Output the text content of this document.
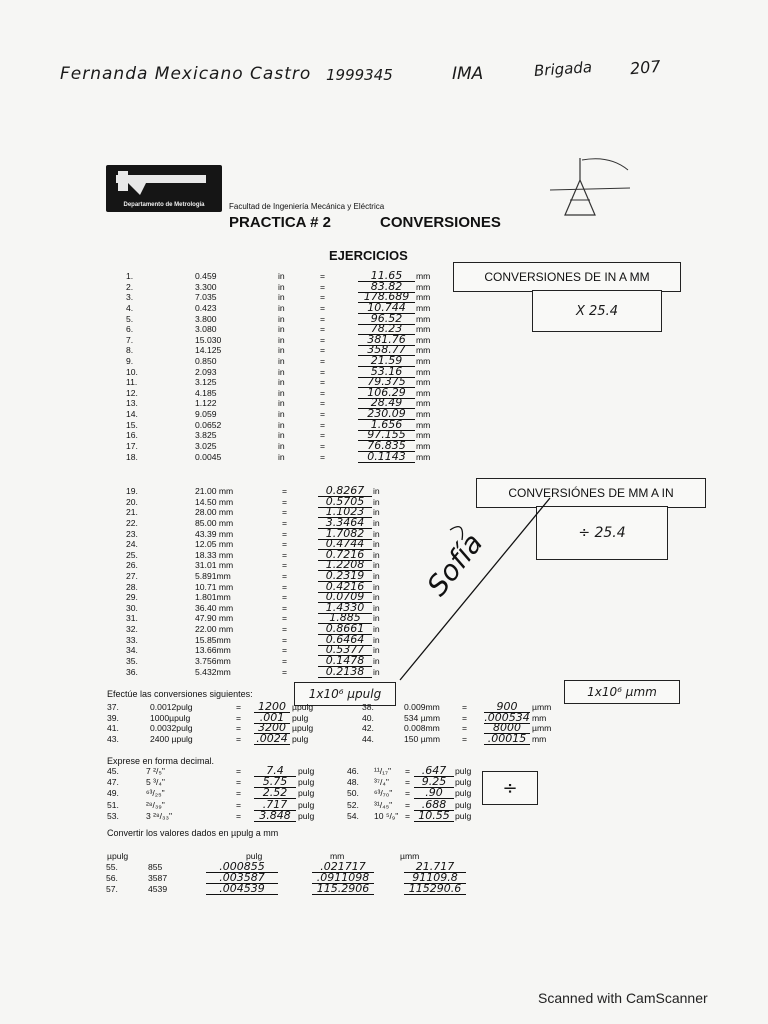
Fernanda Mexicano Castro 1999345	IMA	Brigada 207
Departamento de Metrología	Facultad de Ingeniería Mecánica y Eléctrica
PRACTICA # 2	CONVERSIONES
EJERCICIOS
1.	0.459	in	=	11.65	mm
2.	3.300	in	=	83.82	mm
3.	7.035	in	=	178.689 mm
4.	0.423	in	=	10.744	mm
5.	3.800	in	=	96.52	mm
6.	3.080	in	=	78.23	mm
7.	15.030	in	=	381.76	mm
8.	14.125	in	=	358.77	mm
9.	0.850	in	=	21.59	mm
10.	2.093	in	=	53.16	mm
11.	3.125	in	=	79.375	mm
12.	4.185	in	=	106.29	mm
13.	1.122	in	=	28.49	mm
14.	9.059	in	=	230.09	mm
15.	0.0652	in	=	1.656	mm
16.	3.825	in	=	97.155	mm
17.	3.025	in	=	76.835	mm
18.	0.0045	in	=	0.1143	mm
CONVERSIONES DE IN A MM
X 25.4
19.	21.00 mm	=	0.8267	in
20.	14.50 mm	=	0.5705	in
21.	28.00 mm	=	1.1023	in
22.	85.00 mm	=	3.3464	in
23.	43.39 mm	=	1.7082	in
24.	12.05 mm	=	0.4744	in
25.	18.33 mm	=	0.7216	in
26.	31.01 mm	=	1.2208	in
27.	5.891mm	=	0.2319	in
28.	10.71 mm	=	0.4216	in
29.	1.801mm	=	0.0709	in
30.	36.40 mm	=	1.4330	in
31.	47.90 mm	=	1.885	in
32.	22.00 mm	=	0.8661	in
33.	15.85mm	=	0.6464	in
34.	13.66mm	=	0.5377	in
35.	3.756mm	=	0.1478	in
36.	5.432mm	=	0.2138	in
CONVERSIÓNES DE MM A IN
÷ 25.4
Sofía
Efectúe las conversiones siguientes:	1x10⁶ µpulg	1x10⁶ µmm
37.	0.0012pulg	=	1200 µpulg	38.	0.009mm	=	900	µmm
39.	1000µpulg	=	.001 pulg	40.	534 µmm	= .000534 mm
41.	0.0032pulg	=	3200 µpulg	42.	0.008mm	=	8000	µmm
43.	2400 µpulg	= .0024 pulg	44.	150 µmm	=	.00015 mm
Exprese en forma decimal.
÷
45.	7 ²/₅"	=	7.4	pulg	46. ¹¹/₁₇" =	.647	pulg
47.	5 ³/₄"	=	5.75	pulg	48. ³⁷/₄" =	9.25	pulg
49.	⁶³/₂₅"	=	2.52	pulg	50. ⁶³/₇₀" =	.90	pulg
51.	²⁸/₃₉"	=	.717	pulg	52. ³¹/₄₅" =	.688	pulg
53.	3 ²⁸/₃₃"	=	3.848 pulg	54. 10 ⁵/₉" = 10.55 pulg
Convertir los valores dados en µpulg a mm
µpulg	pulg	mm	µmm
55.	855	.000855	.021717	21.717
56.	3587	.003587	.0911098	91109.8
57.	4539	.004539	115.2906	115290.6
Scanned with CamScanner
